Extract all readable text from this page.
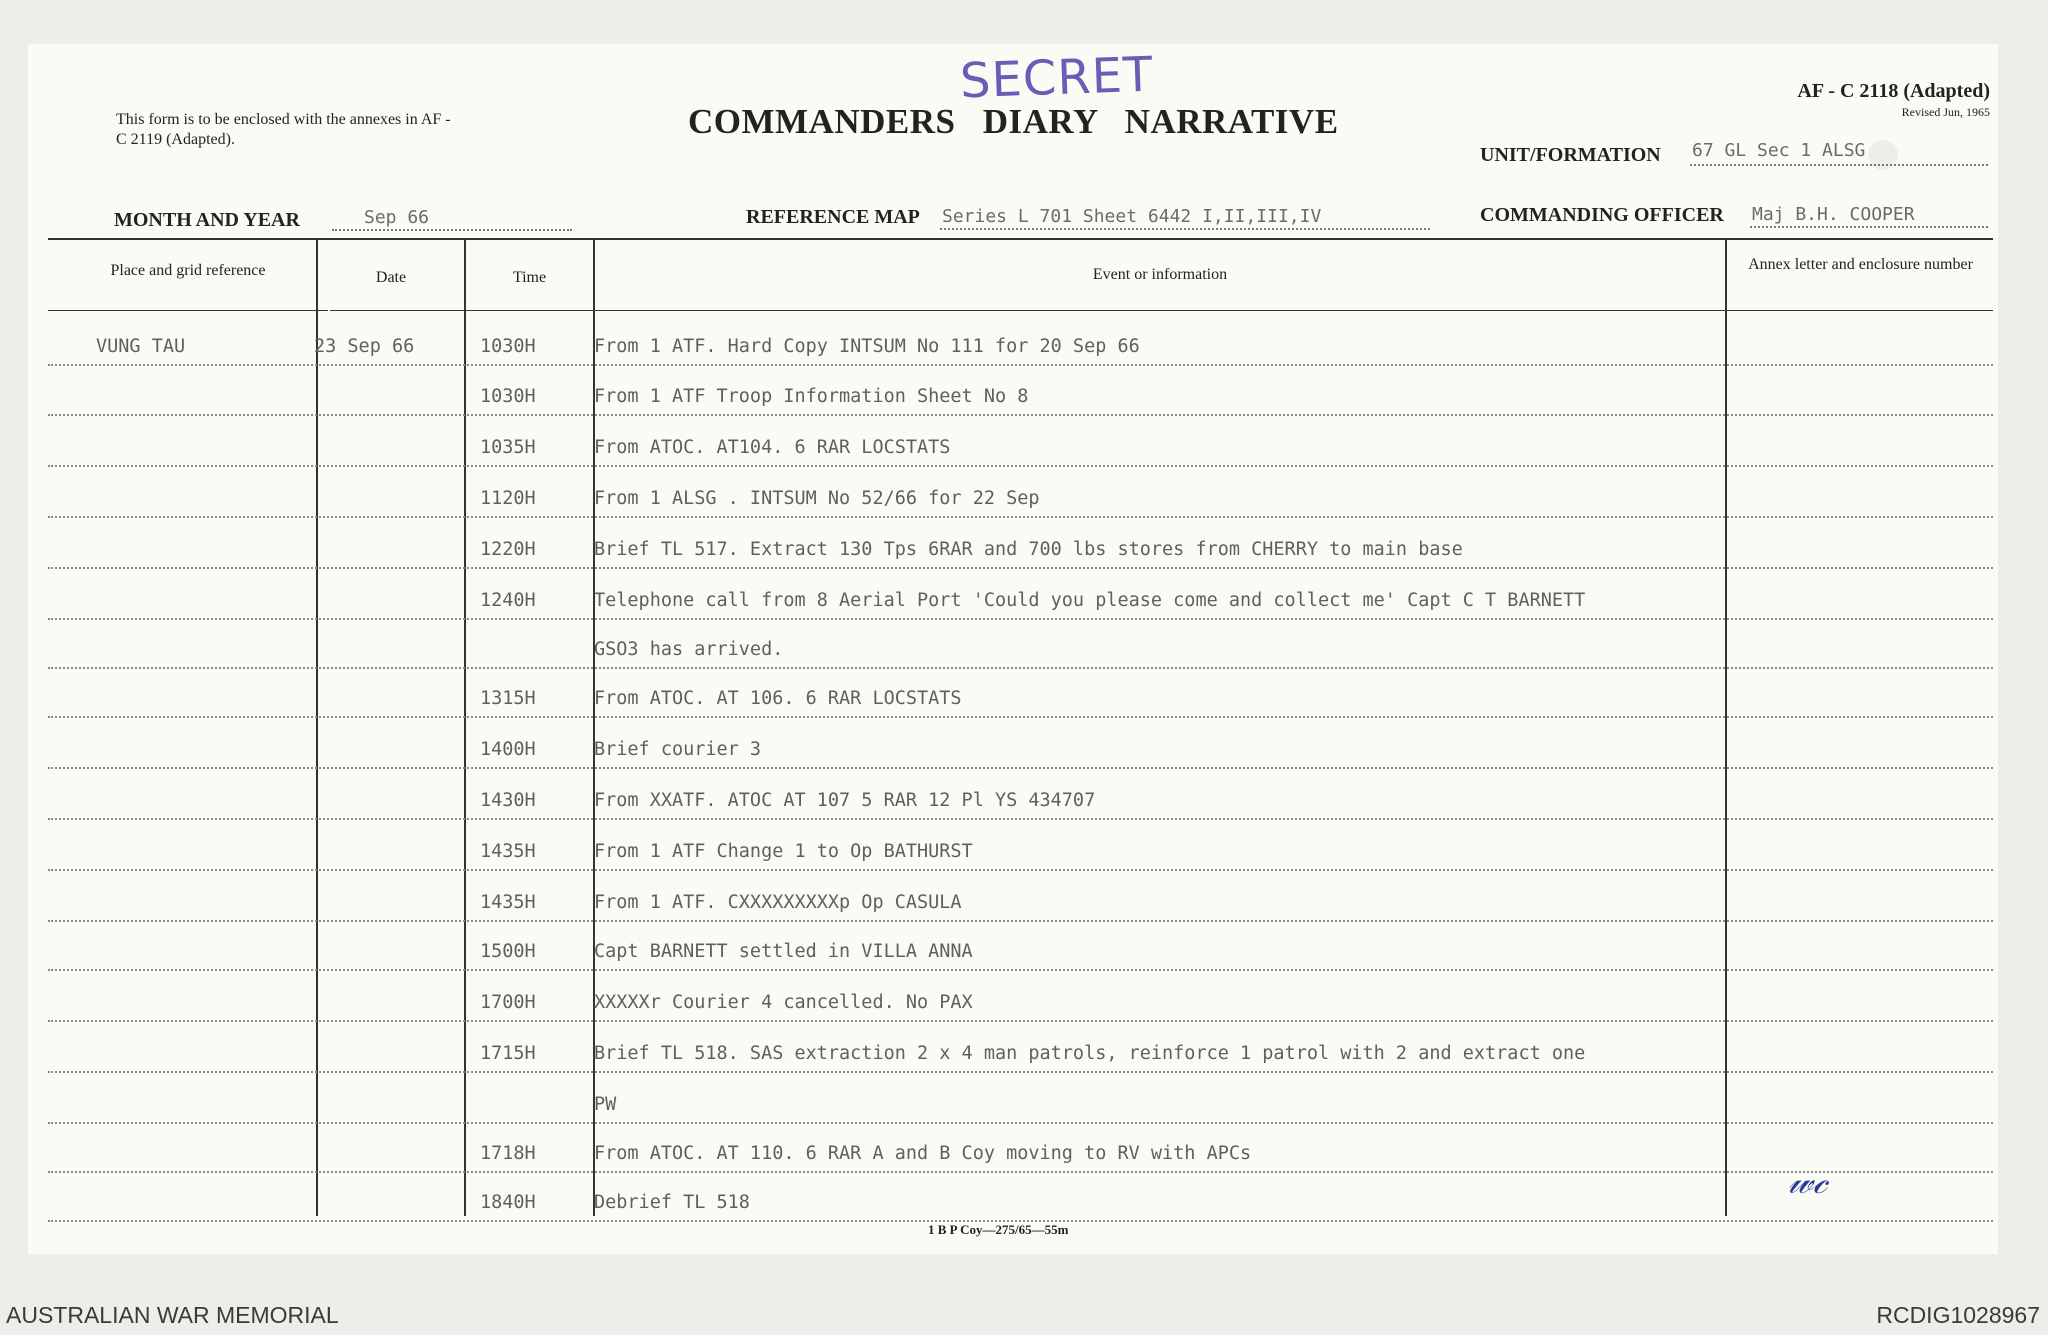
This form is to be enclosed with the annexes in AF - C 2119 (Adapted).
SECRET
COMMANDERS DIARY NARRATIVE
AF - C 2118 (Adapted)
Revised Jun, 1965
UNIT/FORMATION 67 GL Sec 1 ALSG
MONTH AND YEAR	Sep 66	REFERENCE MAP Series L 701 Sheet 6442 I,II,III,IV	COMMANDING OFFICER Maj B.H. COOPER
Place and grid reference	Date	Time	Event or information
Annex letter and enclosure number
VUNG TAU	23 Sep 66	1030H	From 1 ATF. Hard Copy INTSUM No 111 for 20 Sep 66
1030H	From 1 ATF Troop Information Sheet No 8
1035H	From ATOC. AT104. 6 RAR LOCSTATS
1120H	From 1 ALSG . INTSUM No 52/66 for 22 Sep
1220H	Brief TL 517. Extract 130 Tps 6RAR and 700 lbs stores from CHERRY to main base
1240H	Telephone call from 8 Aerial Port 'Could you please come and collect me' Capt C T BARNETT
GSO3 has arrived.
1315H	From ATOC. AT 106. 6 RAR LOCSTATS
1400H	Brief courier 3
1430H	From XXATF. ATOC AT 107 5 RAR 12 Pl YS 434707
1435H	From 1 ATF Change 1 to Op BATHURST
1435H	From 1 ATF. CXXXXXXXXXp Op CASULA
1500H	Capt BARNETT settled in VILLA ANNA
1700H	XXXXXr Courier 4 cancelled. No PAX
1715H	Brief TL 518. SAS extraction 2 x 4 man patrols, reinforce 1 patrol with 2 and extract one
PW
1718H	From ATOC. AT 110. 6 RAR A and B Coy moving to RV with APCs
1840H	Debrief TL 518
1 B P Coy—275/65—55m
𝓌𝒸
AUSTRALIAN WAR MEMORIAL	RCDIG1028967
